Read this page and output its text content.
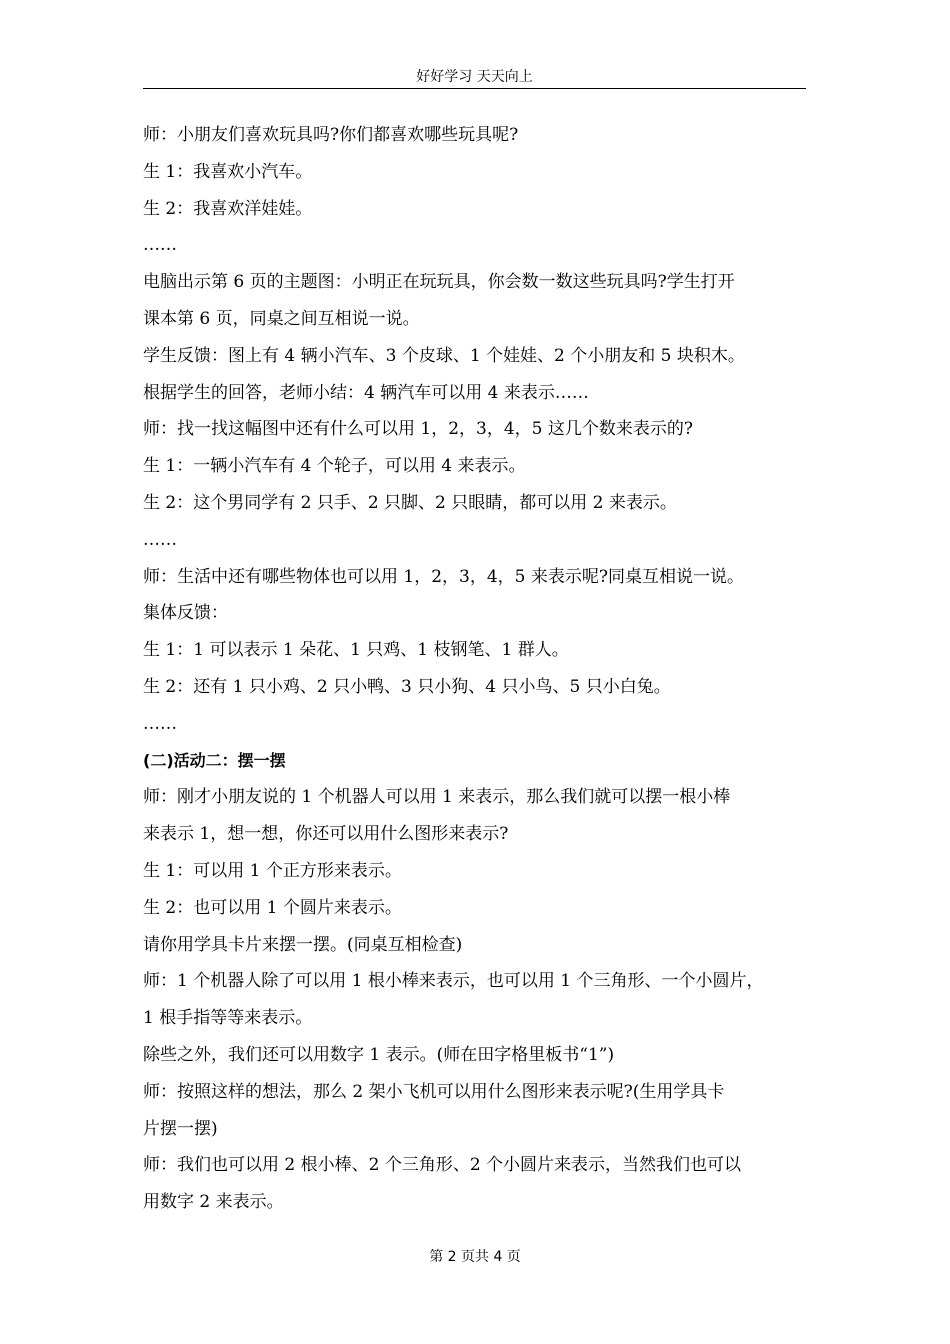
好好学习 天天向上
师：小朋友们喜欢玩具吗?你们都喜欢哪些玩具呢?
生 1：我喜欢小汽车。
生 2：我喜欢洋娃娃。
……
电脑出示第 6 页的主题图：小明正在玩玩具，你会数一数这些玩具吗?学生打开
课本第 6 页，同桌之间互相说一说。
学生反馈：图上有 4 辆小汽车、3 个皮球、1 个娃娃、2 个小朋友和 5 块积木。
根据学生的回答，老师小结：4 辆汽车可以用 4 来表示……
师：找一找这幅图中还有什么可以用 1，2，3，4，5 这几个数来表示的?
生 1：一辆小汽车有 4 个轮子，可以用 4 来表示。
生 2：这个男同学有 2 只手、2 只脚、2 只眼睛，都可以用 2 来表示。
……
师：生活中还有哪些物体也可以用 1，2，3，4，5 来表示呢?同桌互相说一说。
集体反馈：
生 1：1 可以表示 1 朵花、1 只鸡、1 枝钢笔、1 群人。
生 2：还有 1 只小鸡、2 只小鸭、3 只小狗、4 只小鸟、5 只小白兔。
……
(二)活动二：摆一摆
师：刚才小朋友说的 1 个机器人可以用 1 来表示，那么我们就可以摆一根小棒
来表示 1，想一想，你还可以用什么图形来表示?
生 1：可以用 1 个正方形来表示。
生 2：也可以用 1 个圆片来表示。
请你用学具卡片来摆一摆。(同桌互相检查)
师：1 个机器人除了可以用 1 根小棒来表示，也可以用 1 个三角形、一个小圆片，
1 根手指等等来表示。
除些之外，我们还可以用数字 1 表示。(师在田字格里板书“1”)
师：按照这样的想法，那么 2 架小飞机可以用什么图形来表示呢?(生用学具卡
片摆一摆)
师：我们也可以用 2 根小棒、2 个三角形、2 个小圆片来表示，当然我们也可以
用数字 2 来表示。
第 2 页共 4 页
